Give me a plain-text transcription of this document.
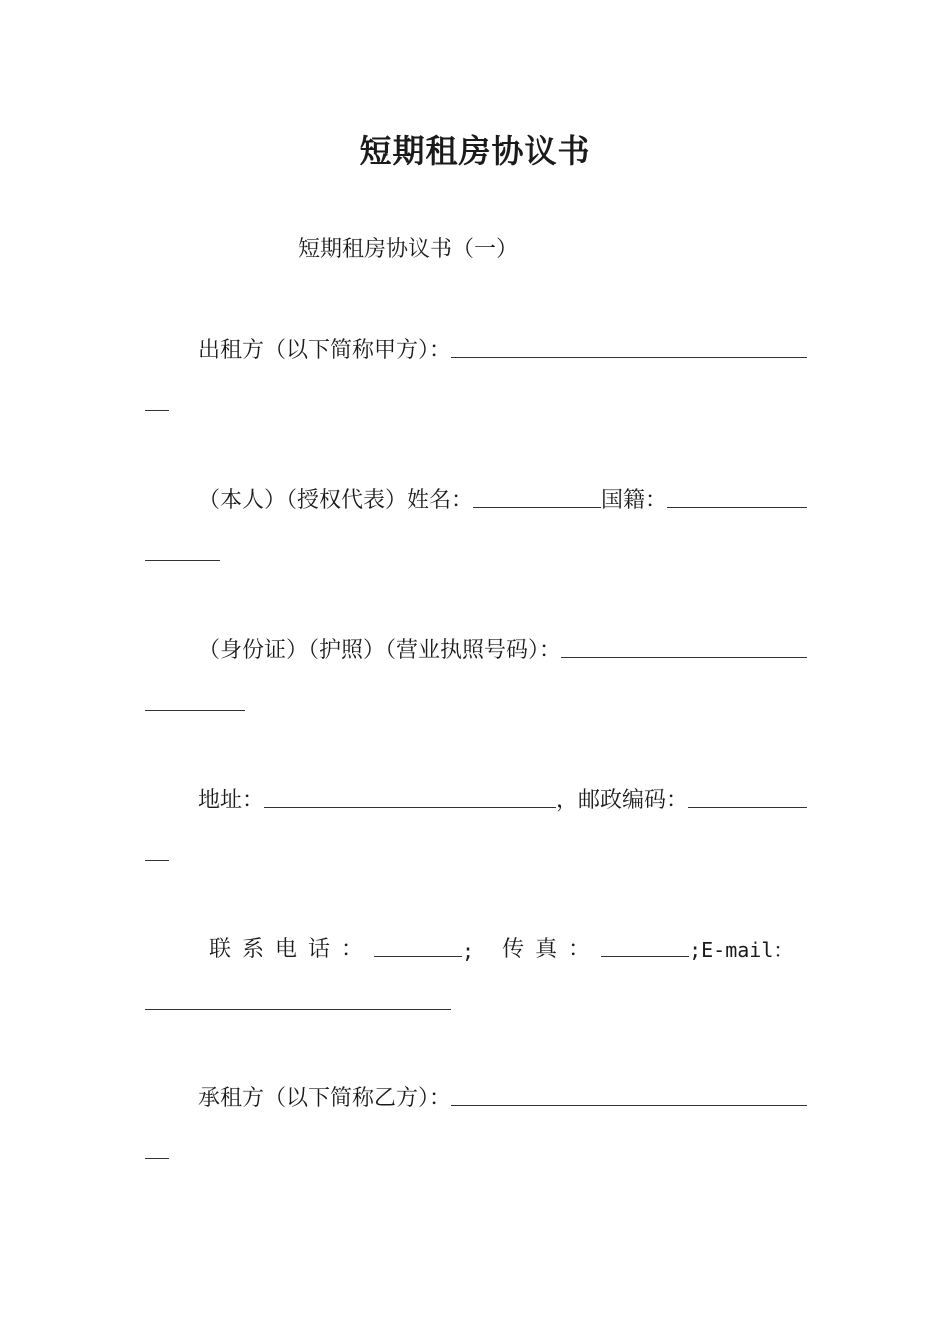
短期租房协议书

短期租房协议书（一）

出租方（以下简称甲方）：
（本人）（授权代表）姓名：	国籍：
（身份证）（护照）（营业执照号码）：
地址：	，邮政编码：
联系电话：	; 传真：	;E-mail：
承租方（以下简称乙方）：
